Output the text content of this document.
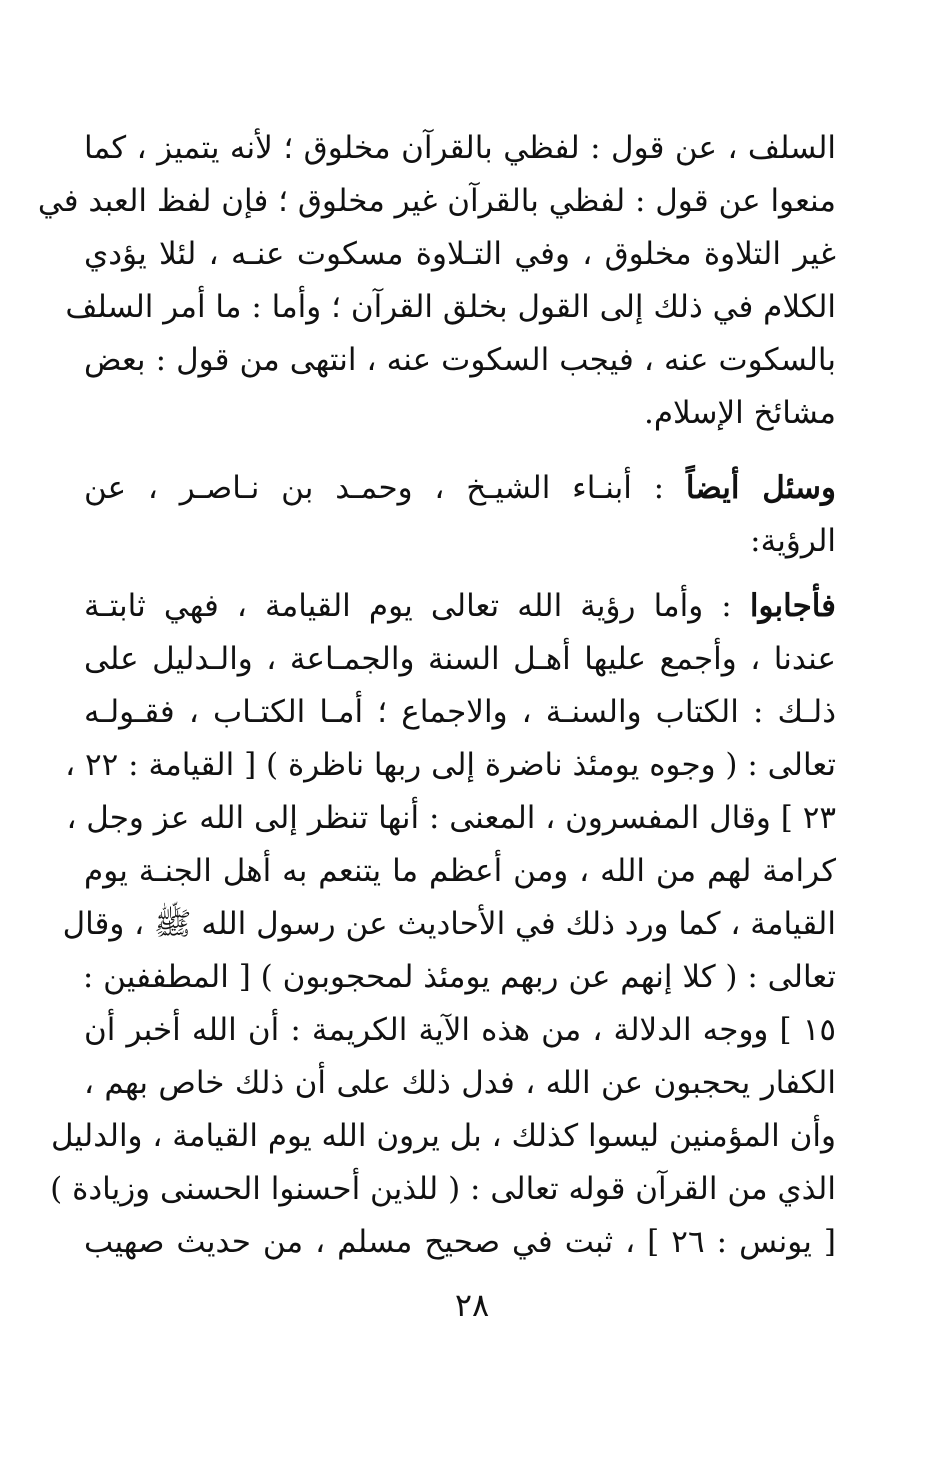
السلف ، عن قول : لفظي بالقرآن مخلوق ؛ لأنه يتميز ، كما
منعوا عن قول : لفظي بالقرآن غير مخلوق ؛ فإن لفظ العبد في
غير التلاوة مخلوق ، وفي التـلاوة مسكوت عنـه ، لئلا يؤدي
الكلام في ذلك إلى القول بخلق القرآن ؛ وأما : ما أمر السلف
بالسكوت عنه ، فيجب السكوت عنه ، انتهى من قول : بعض
مشائخ الإسلام.
وسئل أيضاً : أبنـاء الشيـخ ، وحمـد بن نـاصـر ، عن
الرؤية:
فأجابوا : وأما رؤية الله تعالى يوم القيامة ، فهي ثابتـة
عندنا ، وأجمع عليها أهـل السنة والجمـاعة ، والـدليل على
ذلـك : الكتاب والسنـة ، والاجماع ؛ أمـا الكتـاب ، فقـولـه
تعالى : ( وجوه يومئذ ناضرة إلى ربها ناظرة ) [ القيامة : ٢٢ ،
٢٣ ] وقال المفسرون ، المعنى : أنها تنظر إلى الله عز وجل ،
كرامة لهم من الله ، ومن أعظم ما يتنعم به أهل الجنـة يوم
القيامة ، كما ورد ذلك في الأحاديث عن رسول الله ﷺ ، وقال
تعالى : ( كلا إنهم عن ربهم يومئذ لمحجوبون ) [ المطففين :
١٥ ] ووجه الدلالة ، من هذه الآية الكريمة : أن الله أخبر أن
الكفار يحجبون عن الله ، فدل ذلك على أن ذلك خاص بهم ،
وأن المؤمنين ليسوا كذلك ، بل يرون الله يوم القيامة ، والدليل
الذي من القرآن قوله تعالى : ( للذين أحسنوا الحسنى وزيادة )
[ يونس : ٢٦ ] ، ثبت في صحيح مسلم ، من حديث صهيب
٢٨
